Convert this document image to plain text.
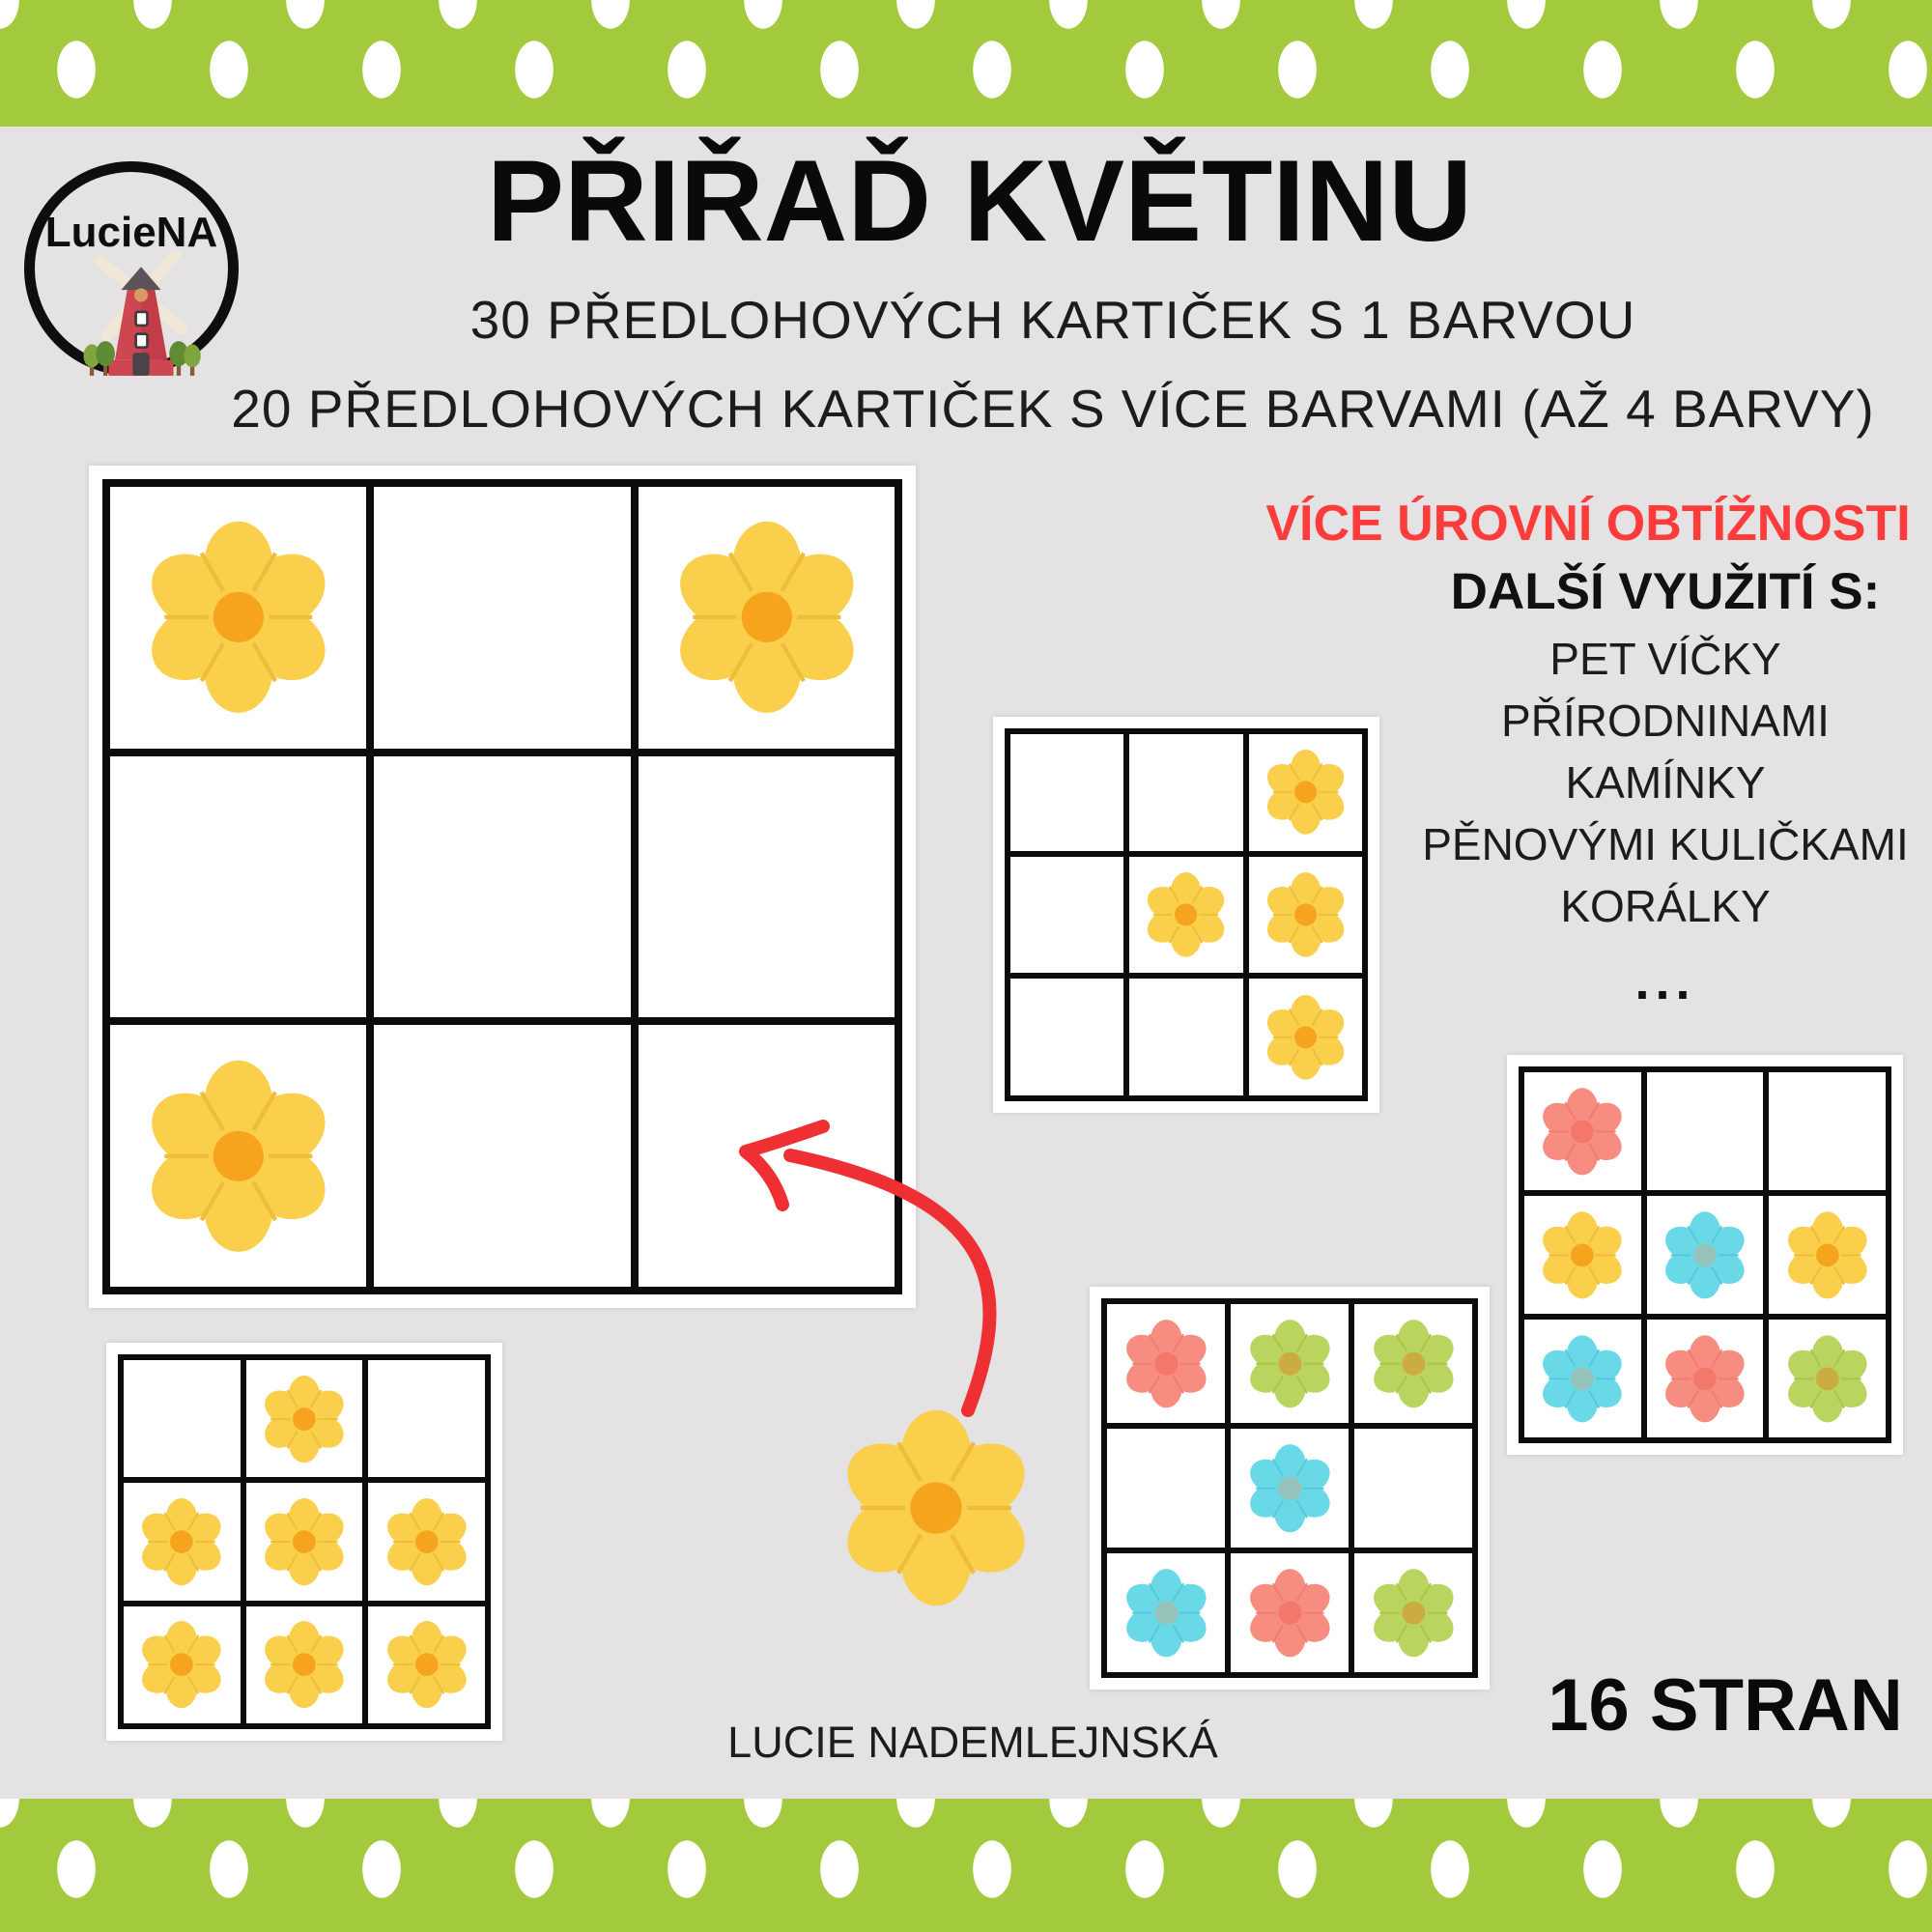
LucieNA	PŘIŘAĎ KVĚTINU
30 PŘEDLOHOVÝCH KARTIČEK S 1 BARVOU
20 PŘEDLOHOVÝCH KARTIČEK S VÍCE BARVAMI (AŽ 4 BARVY)
VÍCE ÚROVNÍ OBTÍŽNOSTI
DALŠÍ VYUŽITÍ S:
PET VÍČKY
PŘÍRODNINAMI
KAMÍNKY
PĚNOVÝMI KULIČKAMI
KORÁLKY
...
LUCIE NADEMLEJNSKÁ	16 STRAN
